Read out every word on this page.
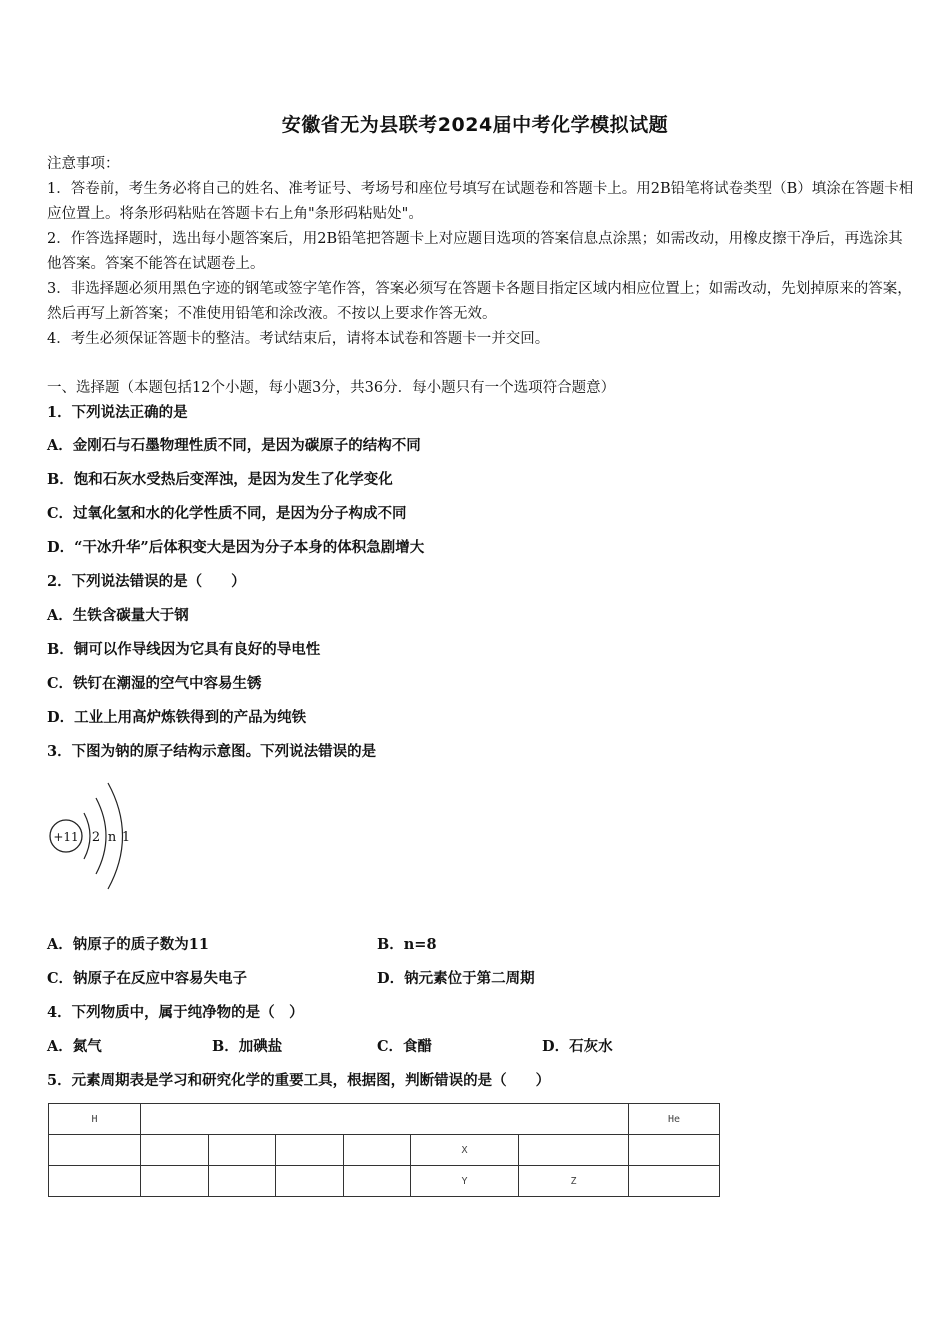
安徽省无为县联考2024届中考化学模拟试题

注意事项：

1．答卷前，考生务必将自己的姓名、准考证号、考场号和座位号填写在试题卷和答题卡上。用2B铅笔将试卷类型（B）填涂在答题卡相应位置上。将条形码粘贴在答题卡右上角"条形码粘贴处"。

2．作答选择题时，选出每小题答案后，用2B铅笔把答题卡上对应题目选项的答案信息点涂黑；如需改动，用橡皮擦干净后，再选涂其他答案。答案不能答在试题卷上。

3．非选择题必须用黑色字迹的钢笔或签字笔作答，答案必须写在答题卡各题目指定区域内相应位置上；如需改动，先划掉原来的答案，然后再写上新答案；不准使用铅笔和涂改液。不按以上要求作答无效。

4．考生必须保证答题卡的整洁。考试结束后，请将本试卷和答题卡一并交回。

一、选择题（本题包括12个小题，每小题3分，共36分．每小题只有一个选项符合题意）
1．下列说法正确的是
A．金刚石与石墨物理性质不同，是因为碳原子的结构不同
B．饱和石灰水受热后变浑浊，是因为发生了化学变化
C．过氧化氢和水的化学性质不同，是因为分子构成不同
D．“干冰升华”后体积变大是因为分子本身的体积急剧增大
2．下列说法错误的是（　　）
A．生铁含碳量大于钢
B．铜可以作导线因为它具有良好的导电性
C．铁钉在潮湿的空气中容易生锈
D．工业上用高炉炼铁得到的产品为纯铁
3．下图为钠的原子结构示意图。下列说法错误的是
+11 2 n 1
A．钠原子的质子数为11	B．n=8
C．钠原子在反应中容易失电子	D．钠元素位于第二周期
4．下列物质中，属于纯净物的是（　）
A．氮气	B．加碘盐	C．食醋	D．石灰水
5．元素周期表是学习和研究化学的重要工具，根据图，判断错误的是（　　）
H							He
					X		
					Y	Z	
